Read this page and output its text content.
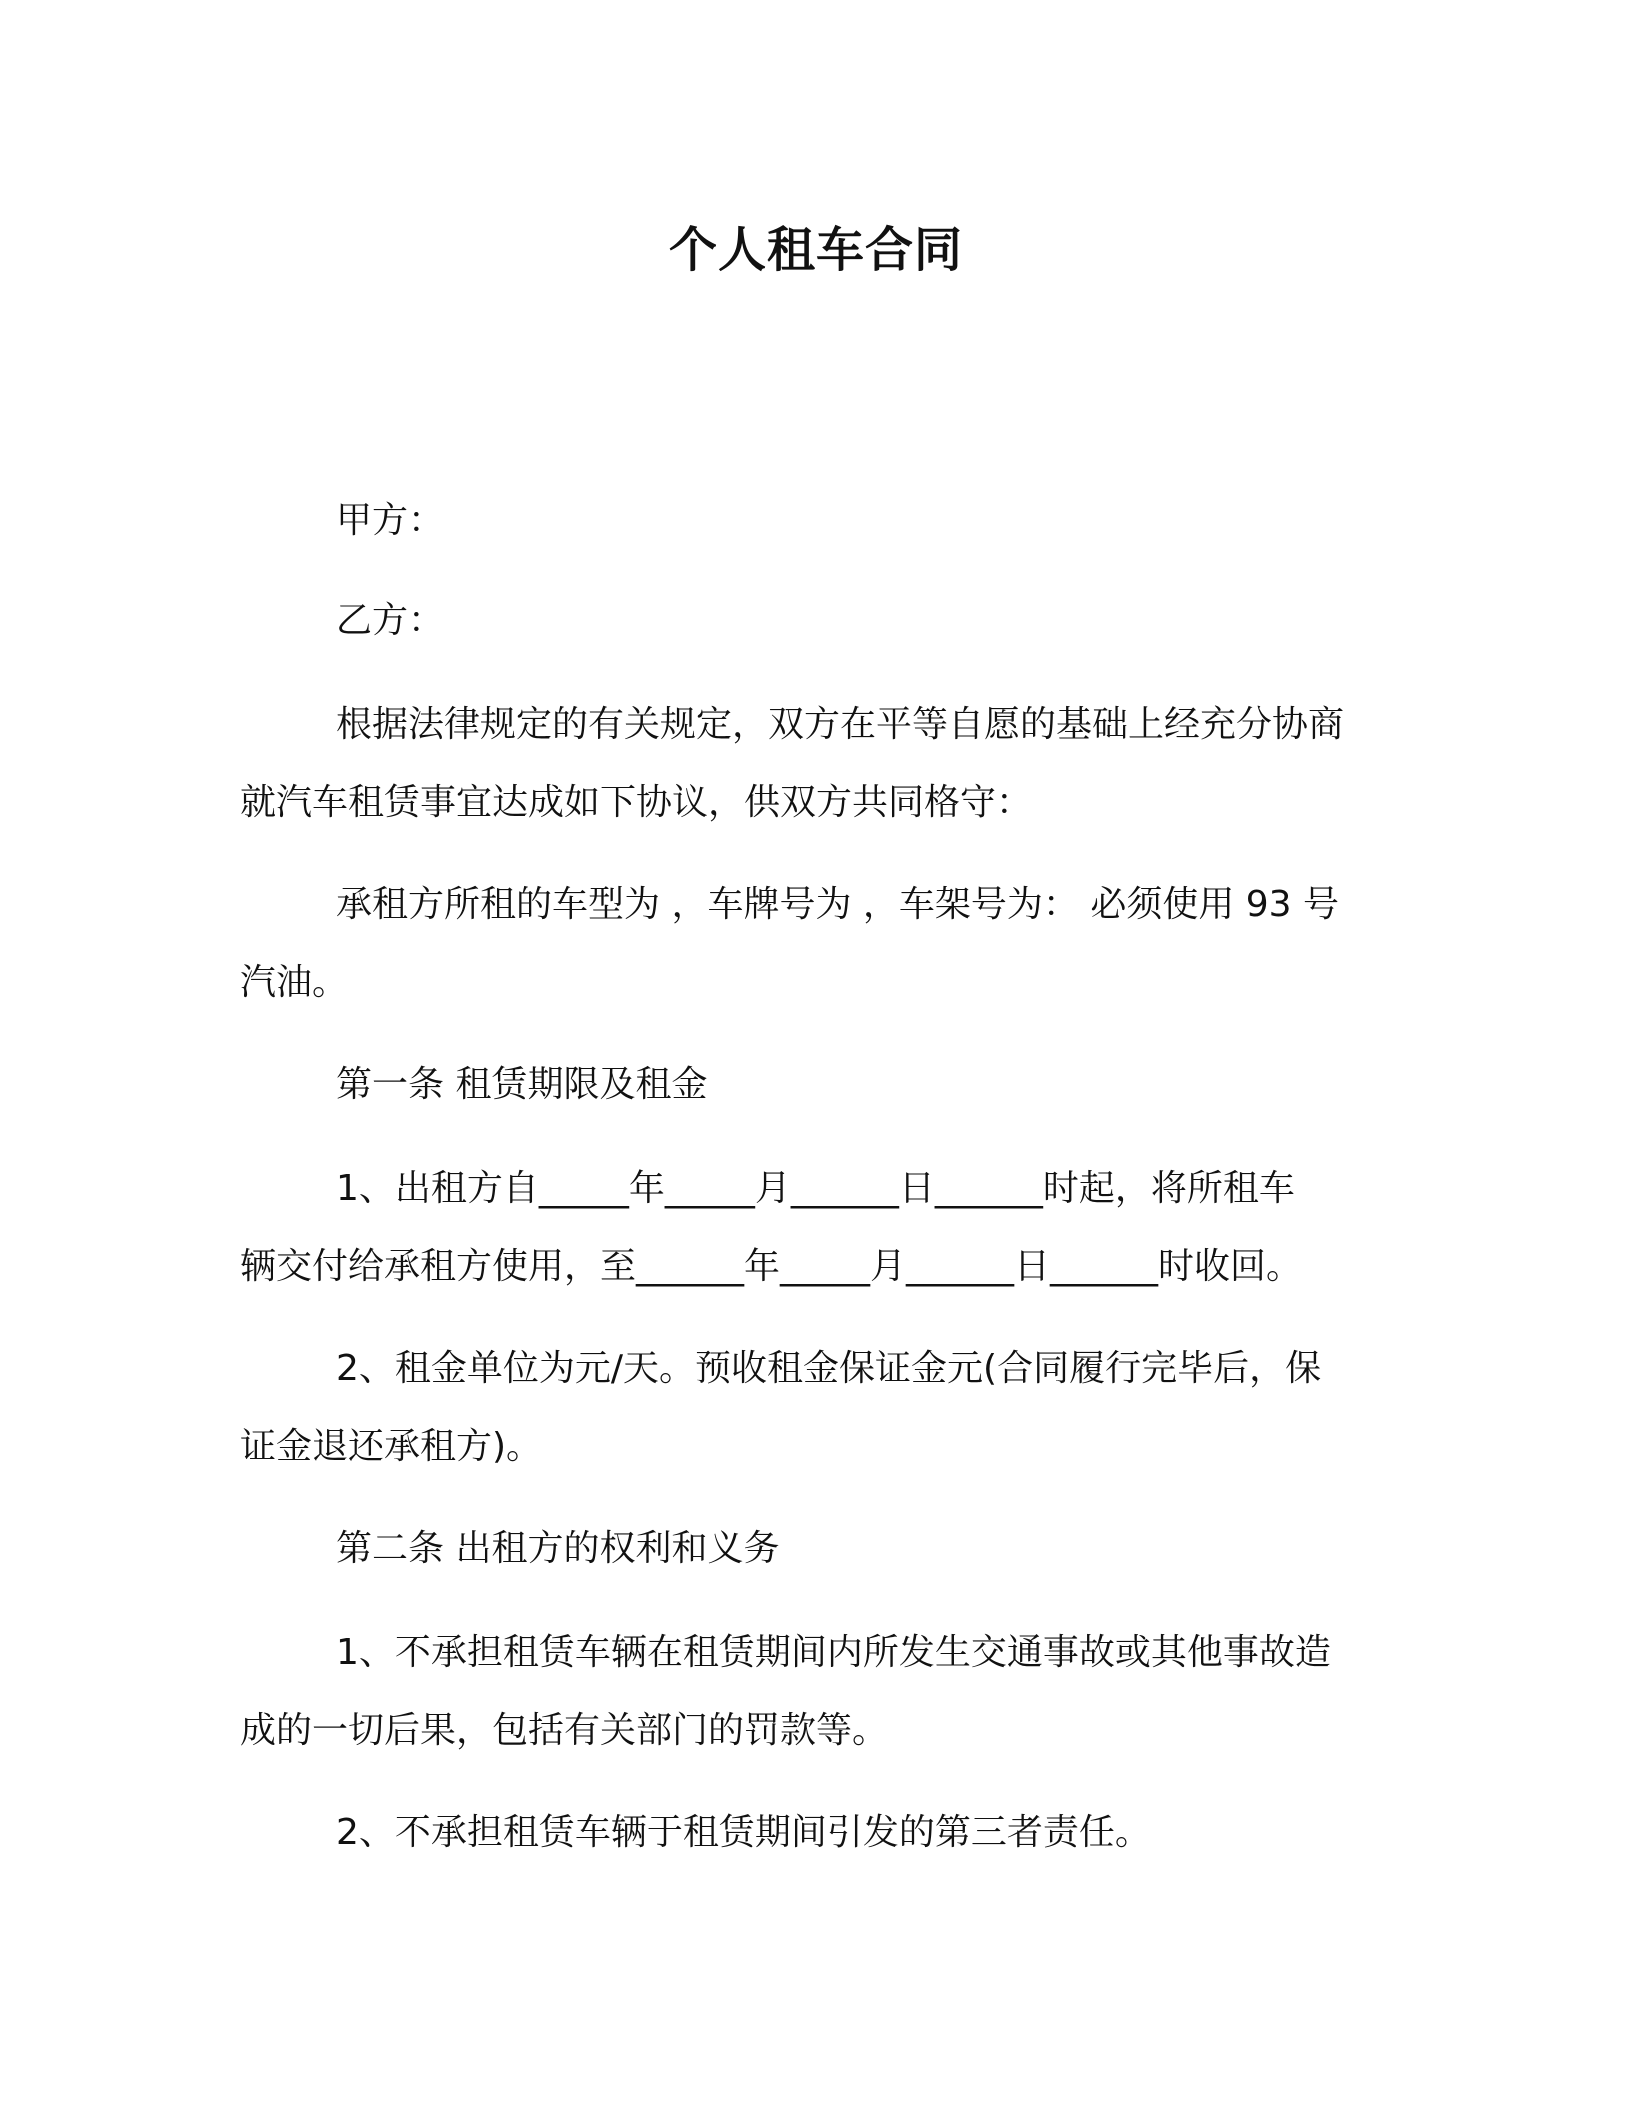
个人租车合同
甲方：
乙方：
根据法律规定的有关规定，双方在平等自愿的基础上经充分协商
就汽车租赁事宜达成如下协议，供双方共同格守：
承租方所租的车型为 ，车牌号为 ，车架号为： 必须使用 93 号
汽油。
第一条 租赁期限及租金
1、出租方自_____年_____月______日______时起，将所租车
辆交付给承租方使用，至______年_____月______日______时收回。
2、租金单位为元/天。预收租金保证金元(合同履行完毕后，保
证金退还承租方)。
第二条 出租方的权利和义务
1、不承担租赁车辆在租赁期间内所发生交通事故或其他事故造
成的一切后果，包括有关部门的罚款等。
2、不承担租赁车辆于租赁期间引发的第三者责任。
